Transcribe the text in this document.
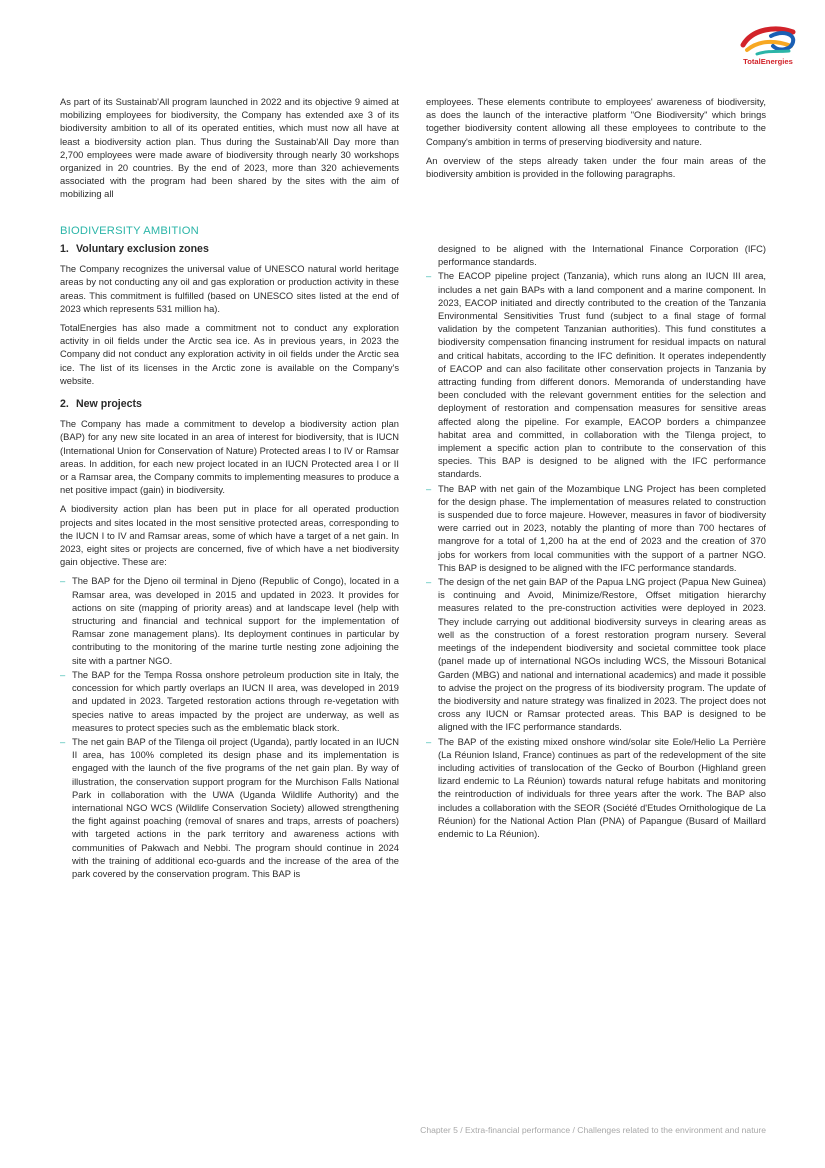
TotalEnergies

As part of its Sustainab'All program launched in 2022 and its objective 9 aimed at mobilizing employees for biodiversity, the Company has extended axe 3 of its biodiversity ambition to all of its operated entities, which must now all have at least a biodiversity action plan. Thus during the Sustainab'All Day more than 2,700 employees were made aware of biodiversity through nearly 30 workshops organized in 20 countries. By the end of 2023, more than 320 achievements associated with the program had been shared by the sites with the aim of mobilizing all

employees. These elements contribute to employees' awareness of biodiversity, as does the launch of the interactive platform "One Biodiversity" which brings together biodiversity content allowing all these employees to contribute to the Company's ambition in terms of preserving biodiversity and nature.

An overview of the steps already taken under the four main areas of the biodiversity ambition is provided in the following paragraphs.

BIODIVERSITY AMBITION
1. Voluntary exclusion zones

The Company recognizes the universal value of UNESCO natural world heritage areas by not conducting any oil and gas exploration or production activity in these areas. This commitment is fulfilled (based on UNESCO sites listed at the end of 2023 which represents 531 million ha).

TotalEnergies has also made a commitment not to conduct any exploration activity in oil fields under the Arctic sea ice. As in previous years, in 2023 the Company did not conduct any exploration activity in oil fields under the Arctic sea ice. The list of its licenses in the Arctic zone is available on the Company's website.

2. New projects

The Company has made a commitment to develop a biodiversity action plan (BAP) for any new site located in an area of interest for biodiversity, that is IUCN (International Union for Conservation of Nature) Protected areas I to IV or Ramsar areas. In addition, for each new project located in an IUCN Protected area I or II or a Ramsar area, the Company commits to implementing measures to produce a net positive impact (gain) in biodiversity.

A biodiversity action plan has been put in place for all operated production projects and sites located in the most sensitive protected areas, corresponding to the IUCN I to IV and Ramsar areas, some of which have a target of a net gain. In 2023, eight sites or projects are concerned, five of which have a net biodiversity gain objective. These are:

– The BAP for the Djeno oil terminal in Djeno (Republic of Congo), located in a Ramsar area, was developed in 2015 and updated in 2023. It provides for actions on site (mapping of priority areas) and at landscape level (help with structuring and financial and technical support for the implementation of Ramsar zone management plans). Its deployment continues in particular by contributing to the monitoring of the marine turtle nesting zone adjoining the site with a partner NGO.
– The BAP for the Tempa Rossa onshore petroleum production site in Italy, the concession for which partly overlaps an IUCN II area, was developed in 2019 and updated in 2023. Targeted restoration actions through re-vegetation with species native to areas impacted by the project are underway, as well as measures to protect species such as the emblematic black stork.
– The net gain BAP of the Tilenga oil project (Uganda), partly located in an IUCN II area, has 100% completed its design phase and its implementation is engaged with the launch of the five programs of the net gain plan. By way of illustration, the conservation support program for the Murchison Falls National Park in collaboration with the UWA (Uganda Wildlife Authority) and the international NGO WCS (Wildlife Conservation Society) allowed strengthening the fight against poaching (removal of snares and traps, arrests of poachers) with targeted actions in the park territory and awareness actions with communities of Pakwach and Nebbi. The program should continue in 2024 with the training of additional eco-guards and the increase of the area of the park covered by the conservation program. This BAP is
designed to be aligned with the International Finance Corporation (IFC) performance standards.
– The EACOP pipeline project (Tanzania), which runs along an IUCN III area, includes a net gain BAPs with a land component and a marine component. In 2023, EACOP initiated and directly contributed to the creation of the Tanzania Environmental Sensitivities Trust fund (subject to a final stage of formal validation by the competent Tanzanian authorities). This fund constitutes a biodiversity compensation financing instrument for residual impacts on natural and critical habitats, according to the IFC definition. It operates independently of EACOP and can also facilitate other conservation projects in Tanzania by attracting funding from different donors. Memoranda of understanding have been concluded with the relevant government entities for the selection and deployment of restoration and compensation measures for sensitive areas affected along the pipeline. For example, EACOP borders a chimpanzee habitat area and committed, in collaboration with the Tilenga project, to implement a specific action plan to contribute to the conservation of this species. This BAP is designed to be aligned with the IFC performance standards.
– The BAP with net gain of the Mozambique LNG Project has been completed for the design phase. The implementation of measures related to construction is suspended due to force majeure. However, measures in favor of biodiversity were carried out in 2023, notably the planting of more than 700 hectares of mangrove for a total of 1,200 ha at the end of 2023 and the creation of 370 jobs for workers from local communities with the support of a partner NGO. This BAP is designed to be aligned with the IFC performance standards.
– The design of the net gain BAP of the Papua LNG project (Papua New Guinea) is continuing and Avoid, Minimize/Restore, Offset mitigation hierarchy measures related to the pre-construction activities were deployed in 2023. They include carrying out additional biodiversity surveys in clearing areas as well as the construction of a forest restoration program nursery. Several meetings of the independent biodiversity and societal committee took place (panel made up of international NGOs including WCS, the Missouri Botanical Garden (MBG) and national and international academics) and made it possible to advise the project on the progress of its biodiversity program. The update of the biodiversity and nature strategy was finalized in 2023. The project does not cross any IUCN or Ramsar protected areas. This BAP is designed to be aligned with the IFC performance standards.
– The BAP of the existing mixed onshore wind/solar site Eole/Helio La Perrière (La Réunion Island, France) continues as part of the redevelopment of the site including activities of translocation of the Gecko of Bourbon (Highland green lizard endemic to La Réunion) towards natural refuge habitats and monitoring the reintroduction of individuals for three years after the work. The BAP also includes a collaboration with the SEOR (Société d'Etudes Ornithologique de La Réunion) for the National Action Plan (PNA) of Papangue (Busard of Maillard endemic to La Réunion).
Chapter 5 / Extra-financial performance / Challenges related to the environment and nature
